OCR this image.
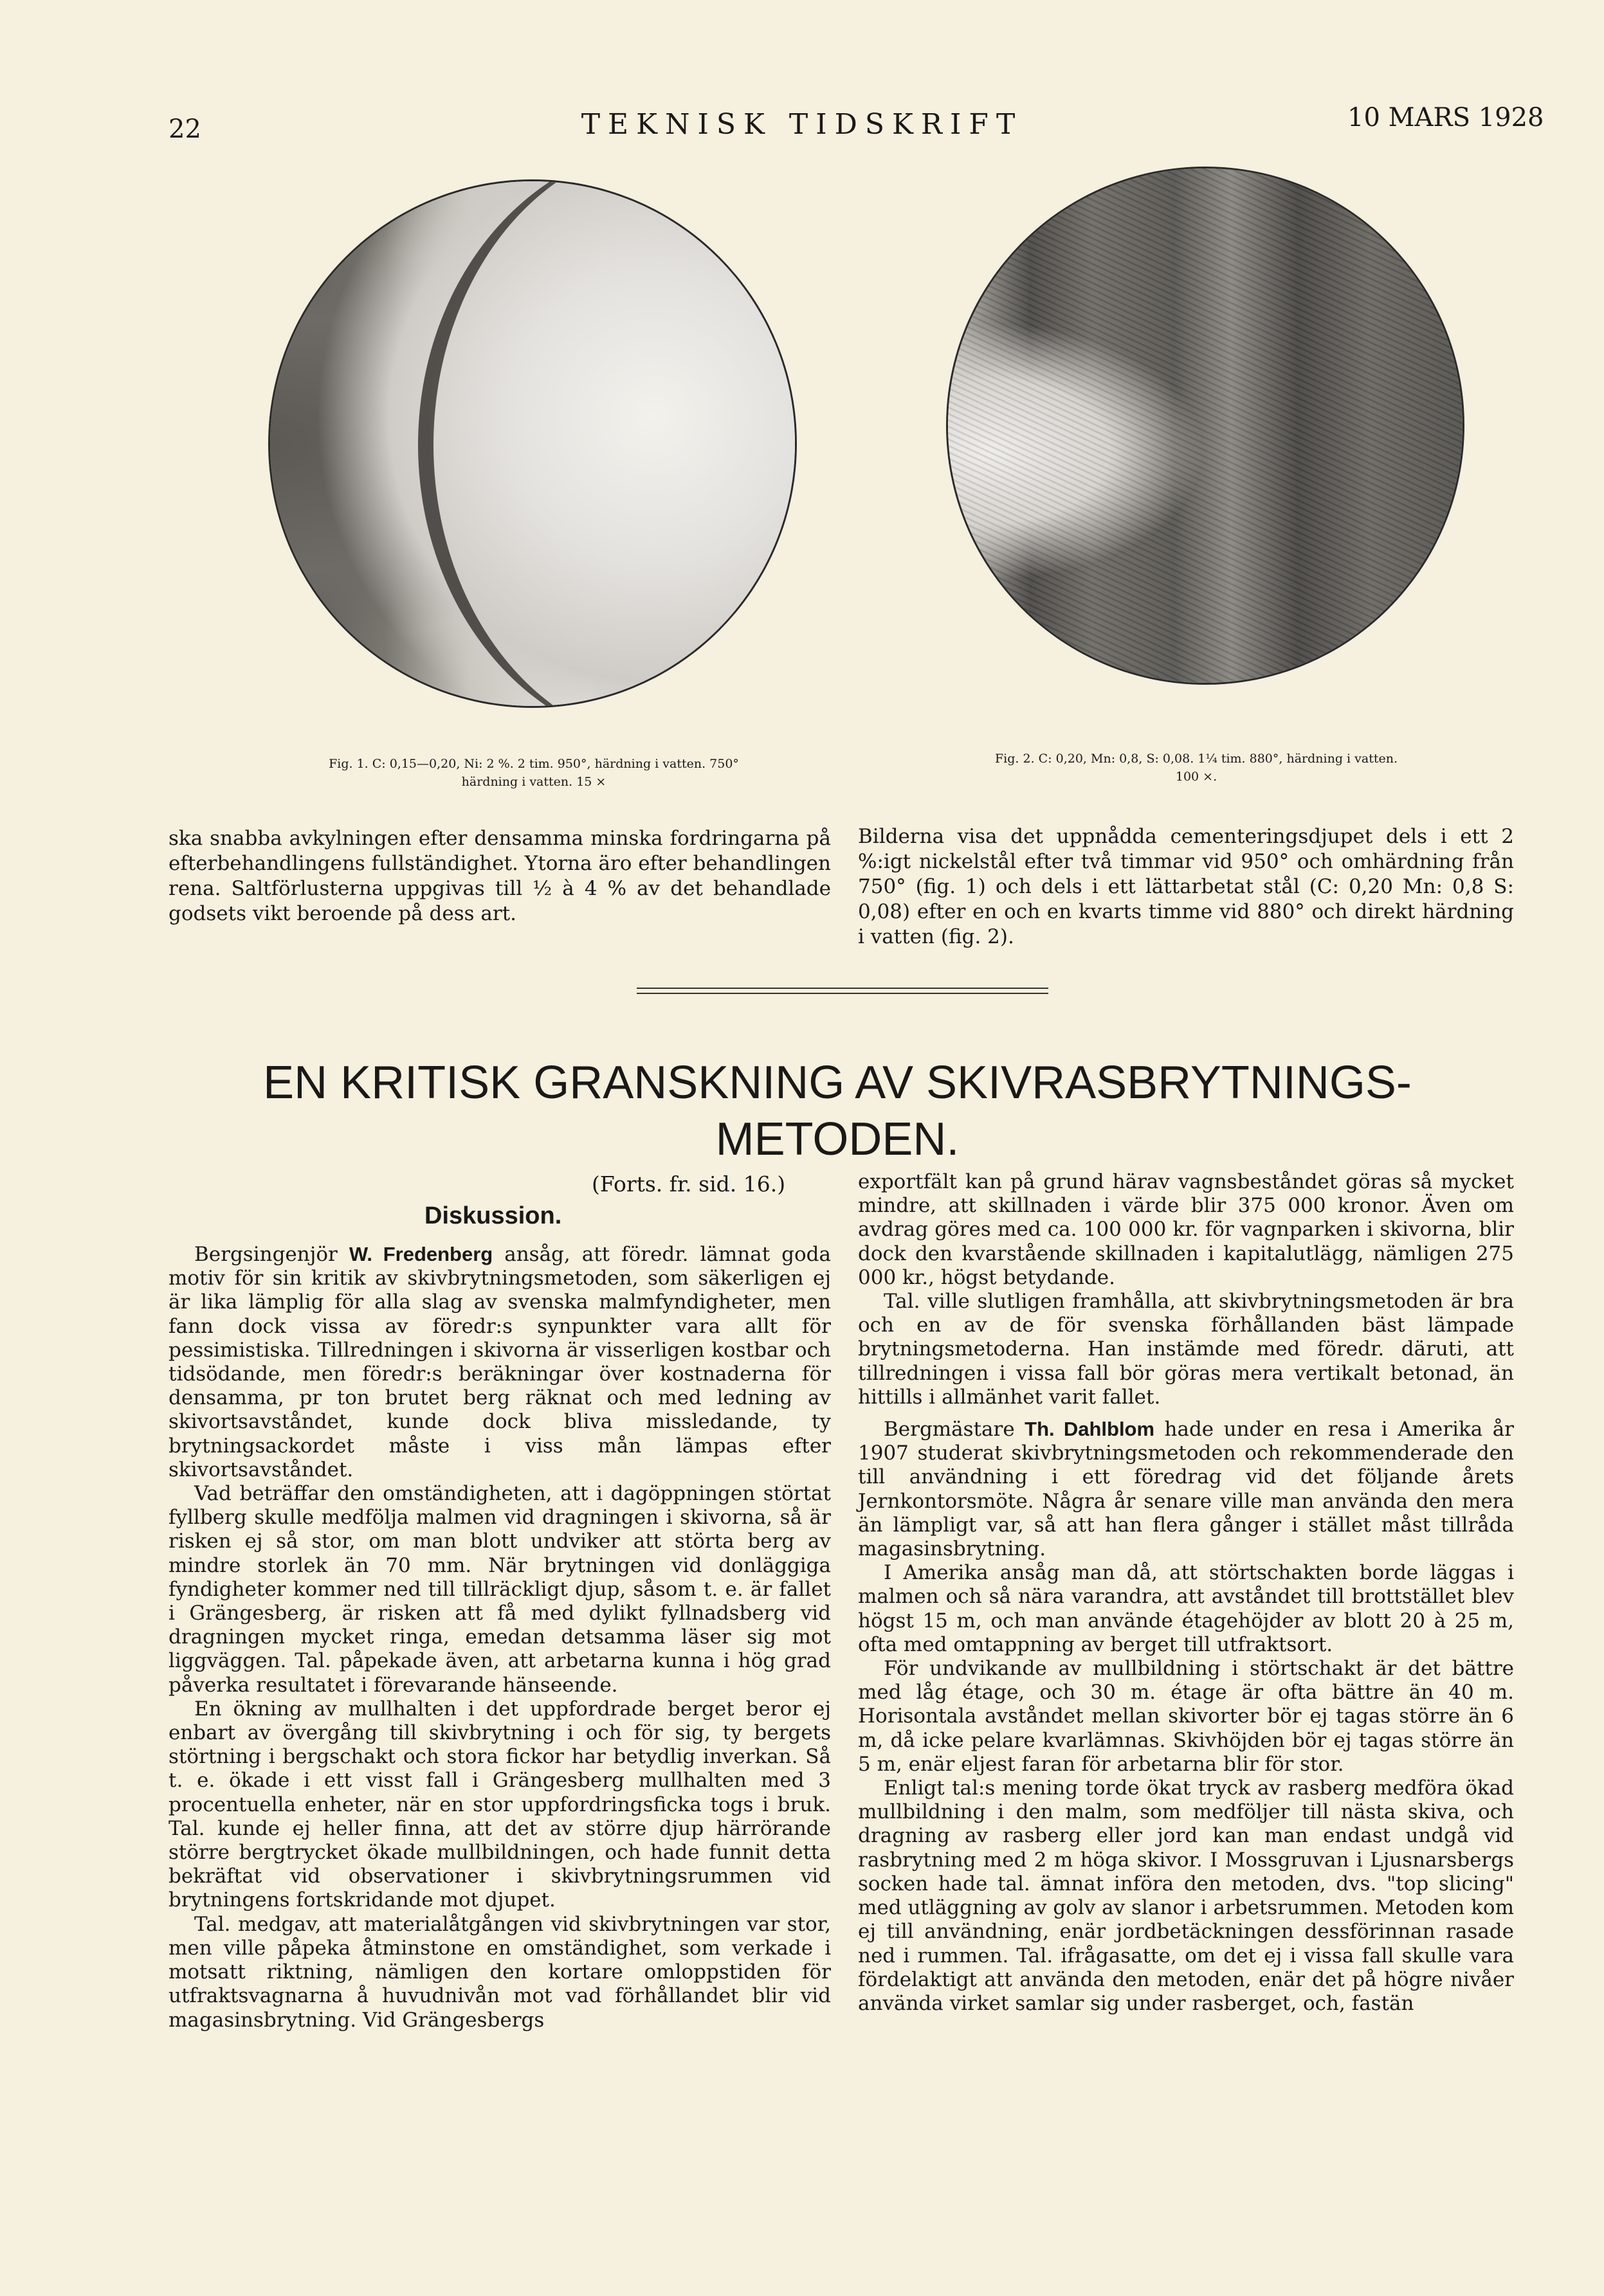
22	TEKNISK TIDSKRIFT	10 MARS 1928
Fig. 1. C: 0,15—0,20, Ni: 2 %. 2 tim. 950°, härdning i vatten. 750°
härdning i vatten. 15 ×
Fig. 2. C: 0,20, Mn: 0,8, S: 0,08. 1¼ tim. 880°, härdning i vatten.
100 ×.

ska snabba avkylningen efter densamma minska fordringarna på efterbehandlingens fullständighet. Ytorna äro efter behandlingen rena. Saltförlusterna uppgivas till ½ à 4 % av det behandlade godsets vikt beroende på dess art.

Bilderna visa det uppnådda cementeringsdjupet dels i ett 2 %:igt nickelstål efter två timmar vid 950° och omhärdning från 750° (fig. 1) och dels i ett lättarbetat stål (C: 0,20 Mn: 0,8 S: 0,08) efter en och en kvarts timme vid 880° och direkt härdning i vatten (fig. 2).

EN KRITISK GRANSKNING AV SKIVRASBRYTNINGS-METODEN.
(Forts. fr. sid. 16.)
Diskussion.

Bergsingenjör W. Fredenberg ansåg, att föredr. lämnat goda motiv för sin kritik av skivbrytningsmetoden, som säkerligen ej är lika lämplig för alla slag av svenska malmfyndigheter, men fann dock vissa av föredr:s synpunkter vara allt för pessimistiska. Tillredningen i skivorna är visserligen kostbar och tidsödande, men föredr:s beräkningar över kostnaderna för densamma, pr ton brutet berg räknat och med ledning av skivortsavståndet, kunde dock bliva missledande, ty brytningsackordet måste i viss mån lämpas efter skivortsavståndet.

Vad beträffar den omständigheten, att i dagöppningen störtat fyllberg skulle medfölja malmen vid dragningen i skivorna, så är risken ej så stor, om man blott undviker att störta berg av mindre storlek än 70 mm. När brytningen vid donläggiga fyndigheter kommer ned till tillräckligt djup, såsom t. e. är fallet i Grängesberg, är risken att få med dylikt fyllnadsberg vid dragningen mycket ringa, emedan detsamma läser sig mot liggväggen. Tal. påpekade även, att arbetarna kunna i hög grad påverka resultatet i förevarande hänseende.

En ökning av mullhalten i det uppfordrade berget beror ej enbart av övergång till skivbrytning i och för sig, ty bergets störtning i bergschakt och stora fickor har betydlig inverkan. Så t. e. ökade i ett visst fall i Grängesberg mullhalten med 3 procentuella enheter, när en stor uppfordringsficka togs i bruk. Tal. kunde ej heller finna, att det av större djup härrörande större bergtrycket ökade mullbildningen, och hade funnit detta bekräftat vid observationer i skivbrytningsrummen vid brytningens fortskridande mot djupet.

Tal. medgav, att materialåtgången vid skivbrytningen var stor, men ville påpeka åtminstone en omständighet, som verkade i motsatt riktning, nämligen den kortare omloppstiden för utfraktsvagnarna å huvudnivån mot vad förhållandet blir vid magasinsbrytning. Vid Grängesbergs

exportfält kan på grund härav vagnsbeståndet göras så mycket mindre, att skillnaden i värde blir 375 000 kronor. Även om avdrag göres med ca. 100 000 kr. för vagnparken i skivorna, blir dock den kvarstående skillnaden i kapitalutlägg, nämligen 275 000 kr., högst betydande.

Tal. ville slutligen framhålla, att skivbrytningsmetoden är bra och en av de för svenska förhållanden bäst lämpade brytningsmetoderna. Han instämde med föredr. däruti, att tillredningen i vissa fall bör göras mera vertikalt betonad, än hittills i allmänhet varit fallet.

Bergmästare Th. Dahlblom hade under en resa i Amerika år 1907 studerat skivbrytningsmetoden och rekommenderade den till användning i ett föredrag vid det följande årets Jernkontorsmöte. Några år senare ville man använda den mera än lämpligt var, så att han flera gånger i stället måst tillråda magasinsbrytning.

I Amerika ansåg man då, att störtschakten borde läggas i malmen och så nära varandra, att avståndet till brottstället blev högst 15 m, och man använde étagehöjder av blott 20 à 25 m, ofta med omtappning av berget till utfraktsort.

För undvikande av mullbildning i störtschakt är det bättre med låg étage, och 30 m. étage är ofta bättre än 40 m. Horisontala avståndet mellan skivorter bör ej tagas större än 6 m, då icke pelare kvarlämnas. Skivhöjden bör ej tagas större än 5 m, enär eljest faran för arbetarna blir för stor.

Enligt tal:s mening torde ökat tryck av rasberg medföra ökad mullbildning i den malm, som medföljer till nästa skiva, och dragning av rasberg eller jord kan man endast undgå vid rasbrytning med 2 m höga skivor. I Mossgruvan i Ljusnarsbergs socken hade tal. ämnat införa den metoden, dvs. "top slicing" med utläggning av golv av slanor i arbetsrummen. Metoden kom ej till användning, enär jordbetäckningen dessförinnan rasade ned i rummen. Tal. ifrågasatte, om det ej i vissa fall skulle vara fördelaktigt att använda den metoden, enär det på högre nivåer använda virket samlar sig under rasberget, och, fastän
